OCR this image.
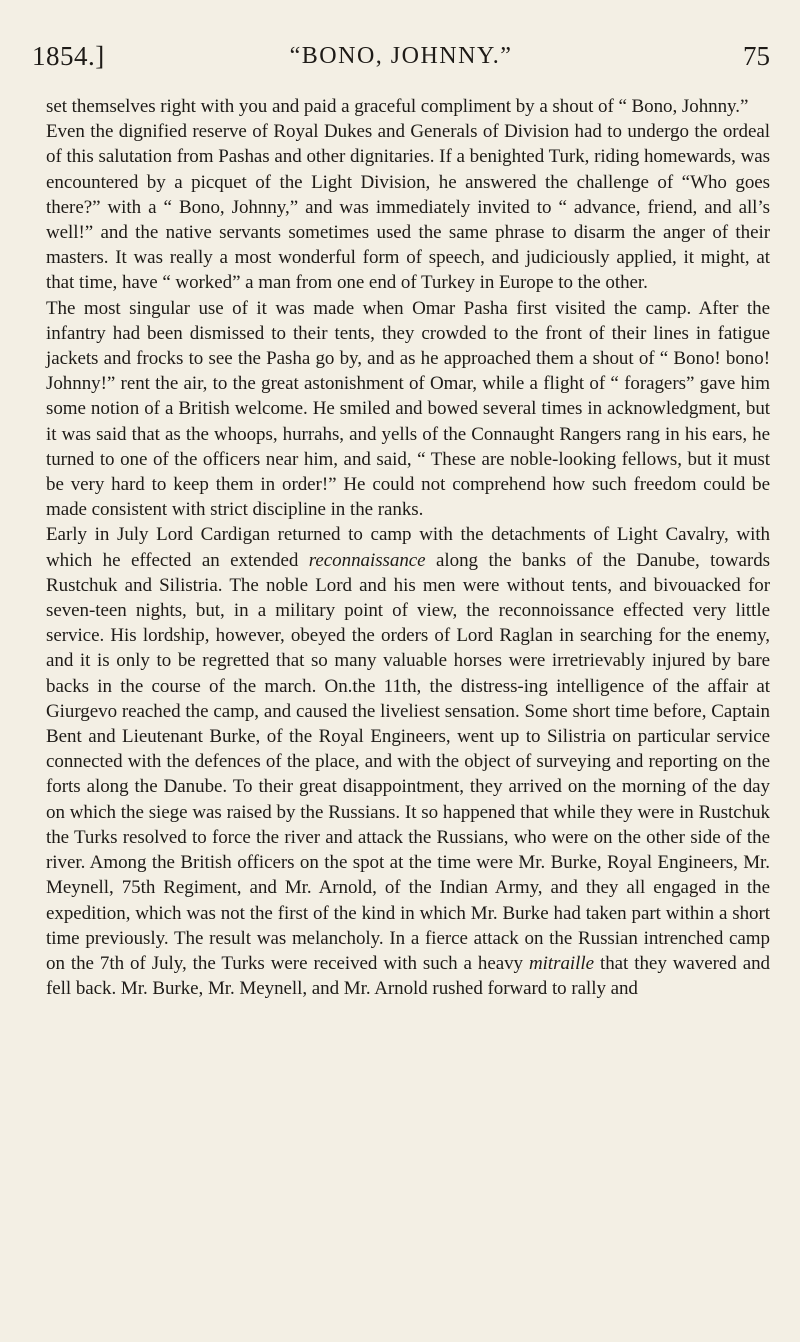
1854.]	“BONO, JOHNNY.”	75

set themselves right with you and paid a graceful compliment by a shout of “ Bono, Johnny.”

Even the dignified reserve of Royal Dukes and Generals of Division had to undergo the ordeal of this salutation from Pashas and other dignitaries. If a benighted Turk, riding homewards, was encountered by a picquet of the Light Division, he answered the challenge of “Who goes there?” with a “ Bono, Johnny,” and was immediately invited to “ advance, friend, and all’s well!” and the native servants sometimes used the same phrase to disarm the anger of their masters. It was really a most wonderful form of speech, and judiciously applied, it might, at that time, have “ worked” a man from one end of Turkey in Europe to the other.

The most singular use of it was made when Omar Pasha first visited the camp. After the infantry had been dismissed to their tents, they crowded to the front of their lines in fatigue jackets and frocks to see the Pasha go by, and as he approached them a shout of “ Bono! bono! Johnny!” rent the air, to the great astonishment of Omar, while a flight of “ foragers” gave him some notion of a British welcome. He smiled and bowed several times in acknowledgment, but it was said that as the whoops, hurrahs, and yells of the Connaught Rangers rang in his ears, he turned to one of the officers near him, and said, “ These are noble-looking fellows, but it must be very hard to keep them in order!” He could not comprehend how such freedom could be made consistent with strict discipline in the ranks.

Early in July Lord Cardigan returned to camp with the detachments of Light Cavalry, with which he effected an extended reconnaissance along the banks of the Danube, towards Rustchuk and Silistria. The noble Lord and his men were without tents, and bivouacked for seven-teen nights, but, in a military point of view, the reconnoissance effected very little service. His lordship, however, obeyed the orders of Lord Raglan in searching for the enemy, and it is only to be regretted that so many valuable horses were irretrievably injured by bare backs in the course of the march. On.the 11th, the distress-ing intelligence of the affair at Giurgevo reached the camp, and caused the liveliest sensation. Some short time before, Captain Bent and Lieutenant Burke, of the Royal Engineers, went up to Silistria on particular service connected with the defences of the place, and with the object of surveying and reporting on the forts along the Danube. To their great disappointment, they arrived on the morning of the day on which the siege was raised by the Russians. It so happened that while they were in Rustchuk the Turks resolved to force the river and attack the Russians, who were on the other side of the river. Among the British officers on the spot at the time were Mr. Burke, Royal Engineers, Mr. Meynell, 75th Regiment, and Mr. Arnold, of the Indian Army, and they all engaged in the expedition, which was not the first of the kind in which Mr. Burke had taken part within a short time previously. The result was melancholy. In a fierce attack on the Russian intrenched camp on the 7th of July, the Turks were received with such a heavy mitraille that they wavered and fell back. Mr. Burke, Mr. Meynell, and Mr. Arnold rushed forward to rally and
